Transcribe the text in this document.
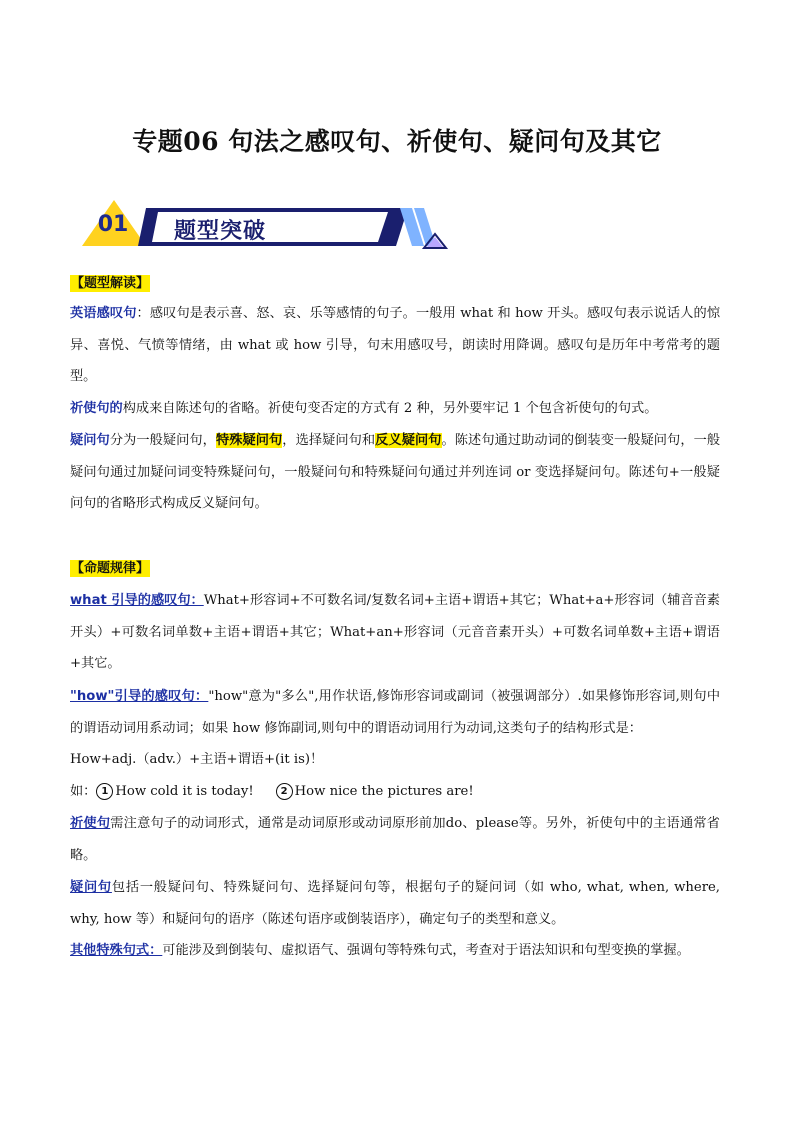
专题06 句法之感叹句、祈使句、疑问句及其它
01	题型突破
【题型解读】
英语感叹句：感叹句是表示喜、怒、哀、乐等感情的句子。一般用 what 和 how 开头。感叹句表示说话人的惊异、喜悦、气愤等情绪，由 what 或 how 引导，句末用感叹号，朗读时用降调。感叹句是历年中考常考的题型。
祈使句的构成来自陈述句的省略。祈使句变否定的方式有 2 种，另外要牢记 1 个包含祈使句的句式。
疑问句分为一般疑问句，特殊疑问句，选择疑问句和反义疑问句。陈述句通过助动词的倒装变一般疑问句，一般疑问句通过加疑问词变特殊疑问句，一般疑问句和特殊疑问句通过并列连词 or 变选择疑问句。陈述句+一般疑问句的省略形式构成反义疑问句。
【命题规律】
what 引导的感叹句：What+形容词+不可数名词/复数名词+主语+谓语+其它；What+a+形容词（辅音音素开头）+可数名词单数+主语+谓语+其它；What+an+形容词（元音音素开头）+可数名词单数+主语+谓语+其它。
"how"引导的感叹句："how"意为"多么",用作状语,修饰形容词或副词（被强调部分）.如果修饰形容词,则句中的谓语动词用系动词；如果 how 修饰副词,则句中的谓语动词用行为动词,这类句子的结构形式是：
How+adj.（adv.）+主语+谓语+(it is)！
如： 1 How cold it is today!	2 How nice the pictures are!
祈使句需注意句子的动词形式，通常是动词原形或动词原形前加do、please等。另外，祈使句中的主语通常省略。
疑问句包括一般疑问句、特殊疑问句、选择疑问句等，根据句子的疑问词（如 who, what, when, where, why, how 等）和疑问句的语序（陈述句语序或倒装语序），确定句子的类型和意义。
其他特殊句式：可能涉及到倒装句、虚拟语气、强调句等特殊句式，考查对于语法知识和句型变换的掌握。
